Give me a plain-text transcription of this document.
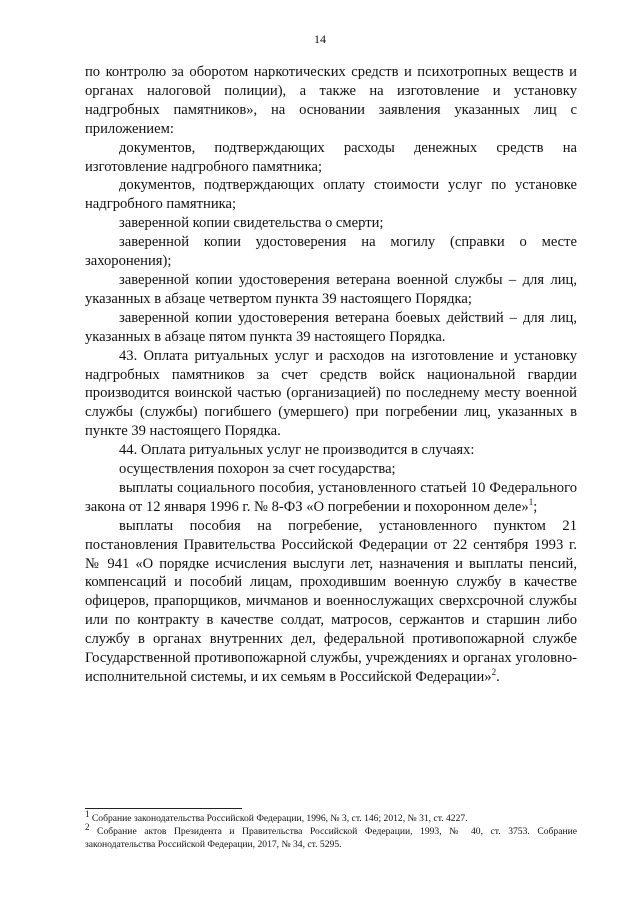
14

по контролю за оборотом наркотических средств и психотропных веществ и органах налоговой полиции), а также на изготовление и установку надгробных памятников», на основании заявления указанных лиц с приложением:

документов, подтверждающих расходы денежных средств на изготовление надгробного памятника;

документов, подтверждающих оплату стоимости услуг по установке надгробного памятника;

заверенной копии свидетельства о смерти;

заверенной копии удостоверения на могилу (справки о месте захоронения);

заверенной копии удостоверения ветерана военной службы – для лиц, указанных в абзаце четвертом пункта 39 настоящего Порядка;

заверенной копии удостоверения ветерана боевых действий – для лиц, указанных в абзаце пятом пункта 39 настоящего Порядка.

43. Оплата ритуальных услуг и расходов на изготовление и установку надгробных памятников за счет средств войск национальной гвардии производится воинской частью (организацией) по последнему месту военной службы (службы) погибшего (умершего) при погребении лиц, указанных в пункте 39 настоящего Порядка.

44. Оплата ритуальных услуг не производится в случаях:

осуществления похорон за счет государства;

выплаты социального пособия, установленного статьей 10 Федерального закона от 12 января 1996 г. № 8-ФЗ «О погребении и похоронном деле»$^1$;

выплаты пособия на погребение, установленного пунктом 21 постановления Правительства Российской Федерации от 22 сентября 1993 г. № 941 «О порядке исчисления выслуги лет, назначения и выплаты пенсий, компенсаций и пособий лицам, проходившим военную службу в качестве офицеров, прапорщиков, мичманов и военнослужащих сверхсрочной службы или по контракту в качестве солдат, матросов, сержантов и старшин либо службу в органах внутренних дел, федеральной противопожарной службе Государственной противопожарной службы, учреждениях и органах уголовно-исполнительной системы, и их семьям в Российской Федерации»$^2$.

$^1$ Собрание законодательства Российской Федерации, 1996, № 3, ст. 146; 2012, № 31, ст. 4227.

$^2$ Собрание актов Президента и Правительства Российской Федерации, 1993, № 40, ст. 3753. Собрание законодательства Российской Федерации, 2017, № 34, ст. 5295.
